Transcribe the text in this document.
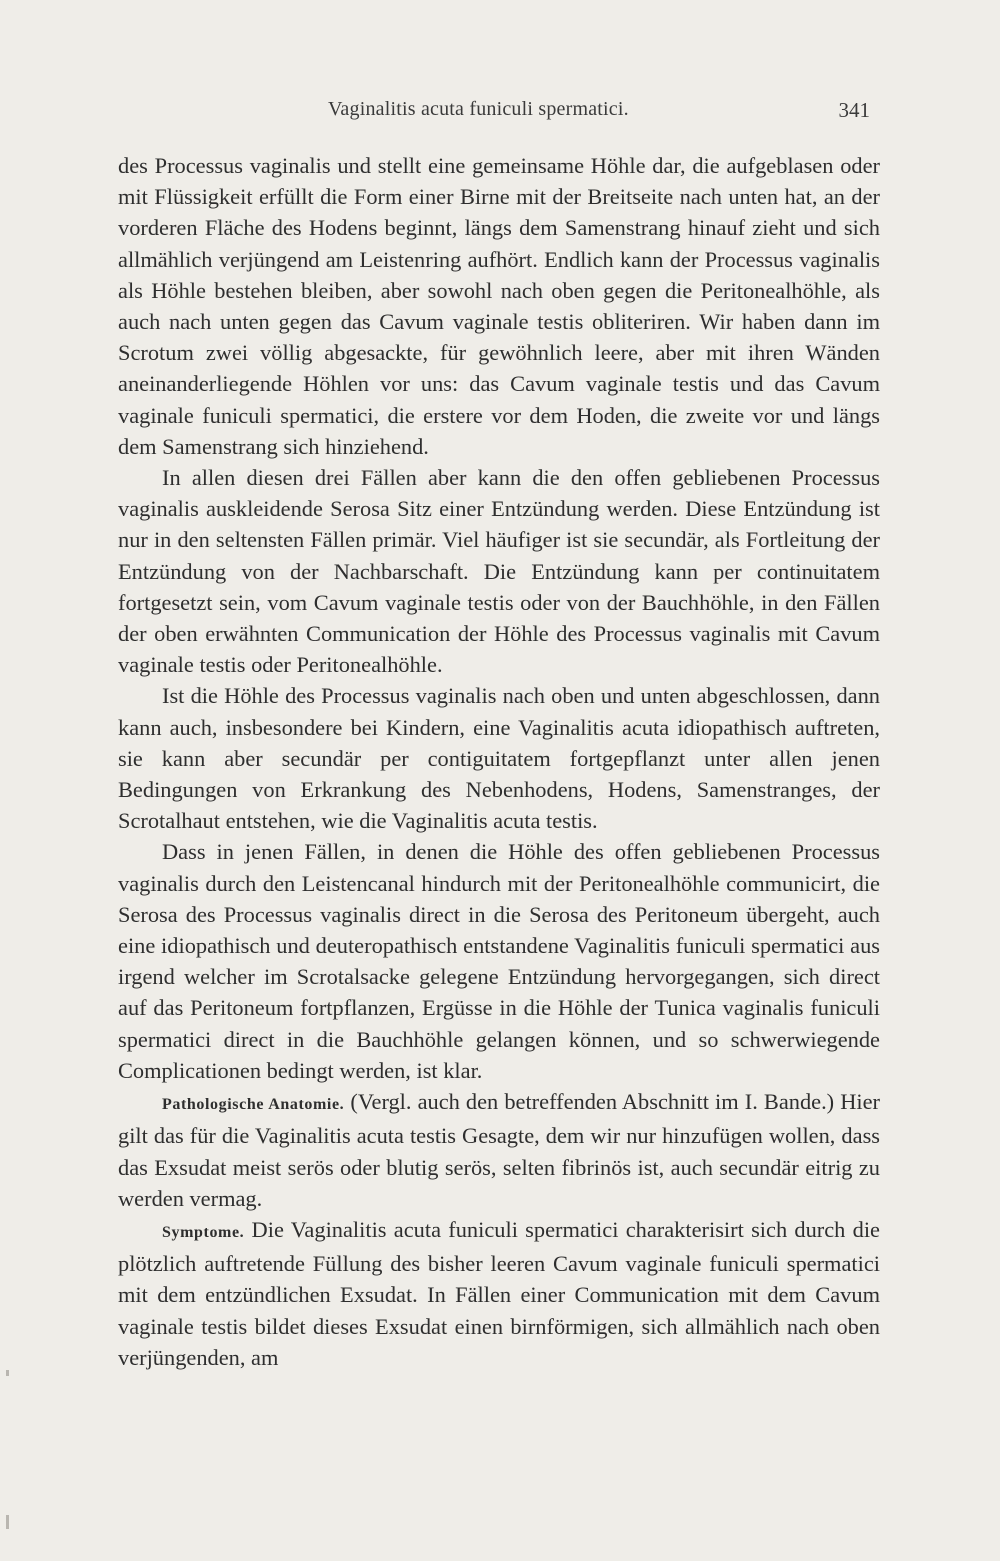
Vaginalitis acuta funiculi spermatici.	341

des Processus vaginalis und stellt eine gemeinsame Höhle dar, die aufgeblasen oder mit Flüssigkeit erfüllt die Form einer Birne mit der Breitseite nach unten hat, an der vorderen Fläche des Hodens beginnt, längs dem Samenstrang hinauf zieht und sich allmählich verjüngend am Leistenring aufhört. Endlich kann der Processus vaginalis als Höhle bestehen bleiben, aber sowohl nach oben gegen die Peritonealhöhle, als auch nach unten gegen das Cavum vaginale testis obliteriren. Wir haben dann im Scrotum zwei völlig abgesackte, für gewöhnlich leere, aber mit ihren Wänden aneinanderliegende Höhlen vor uns: das Cavum vaginale testis und das Cavum vaginale funiculi spermatici, die erstere vor dem Hoden, die zweite vor und längs dem Samenstrang sich hinziehend.

In allen diesen drei Fällen aber kann die den offen gebliebenen Processus vaginalis auskleidende Serosa Sitz einer Entzündung werden. Diese Entzündung ist nur in den seltensten Fällen primär. Viel häufiger ist sie secundär, als Fortleitung der Entzündung von der Nachbarschaft. Die Entzündung kann per continuitatem fortgesetzt sein, vom Cavum vaginale testis oder von der Bauchhöhle, in den Fällen der oben erwähnten Communication der Höhle des Processus vaginalis mit Cavum vaginale testis oder Peritonealhöhle.

Ist die Höhle des Processus vaginalis nach oben und unten abgeschlossen, dann kann auch, insbesondere bei Kindern, eine Vaginalitis acuta idiopathisch auftreten, sie kann aber secundär per contiguitatem fortgepflanzt unter allen jenen Bedingungen von Erkrankung des Nebenhodens, Hodens, Samenstranges, der Scrotalhaut entstehen, wie die Vaginalitis acuta testis.

Dass in jenen Fällen, in denen die Höhle des offen gebliebenen Processus vaginalis durch den Leistencanal hindurch mit der Peritonealhöhle communicirt, die Serosa des Processus vaginalis direct in die Serosa des Peritoneum übergeht, auch eine idiopathisch und deuteropathisch entstandene Vaginalitis funiculi spermatici aus irgend welcher im Scrotalsacke gelegene Entzündung hervorgegangen, sich direct auf das Peritoneum fortpflanzen, Ergüsse in die Höhle der Tunica vaginalis funiculi spermatici direct in die Bauchhöhle gelangen können, und so schwerwiegende Complicationen bedingt werden, ist klar.

Pathologische Anatomie. (Vergl. auch den betreffenden Abschnitt im I. Bande.) Hier gilt das für die Vaginalitis acuta testis Gesagte, dem wir nur hinzufügen wollen, dass das Exsudat meist serös oder blutig serös, selten fibrinös ist, auch secundär eitrig zu werden vermag.

Symptome. Die Vaginalitis acuta funiculi spermatici charakterisirt sich durch die plötzlich auftretende Füllung des bisher leeren Cavum vaginale funiculi spermatici mit dem entzündlichen Exsudat. In Fällen einer Communication mit dem Cavum vaginale testis bildet dieses Exsudat einen birnförmigen, sich allmählich nach oben verjüngenden, am
